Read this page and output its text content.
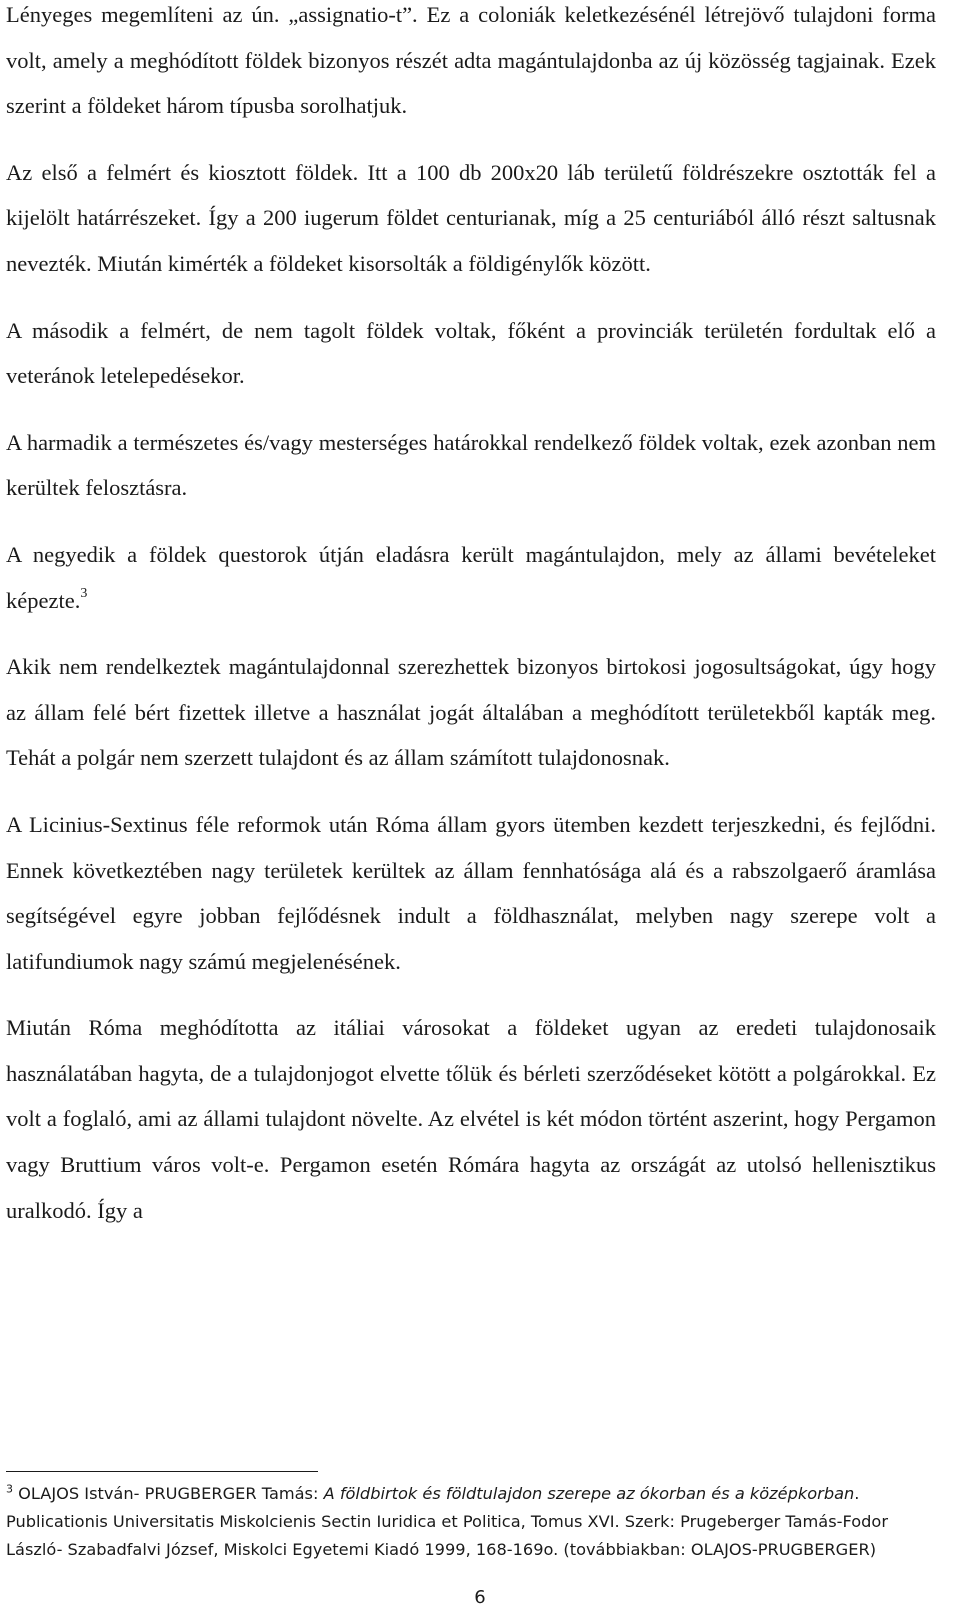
Lényeges megemlíteni az ún. „assignatio-t”. Ez a coloniák keletkezésénél létrejövő tulajdoni forma volt, amely a meghódított földek bizonyos részét adta magántulajdonba az új közösség tagjainak. Ezek szerint a földeket három típusba sorolhatjuk.

Az első a felmért és kiosztott földek. Itt a 100 db 200x20 láb területű földrészekre osztották fel a kijelölt határrészeket. Így a 200 iugerum földet centurianak, míg a 25 centuriából álló részt saltusnak nevezték. Miután kimérték a földeket kisorsolták a földigénylők között.

A második a felmért, de nem tagolt földek voltak, főként a provinciák területén fordultak elő a veteránok letelepedésekor.

A harmadik a természetes és/vagy mesterséges határokkal rendelkező földek voltak, ezek azonban nem kerültek felosztásra.

A negyedik a földek questorok útján eladásra került magántulajdon, mely az állami bevételeket képezte.$^3$

Akik nem rendelkeztek magántulajdonnal szerezhettek bizonyos birtokosi jogosultságokat, úgy hogy az állam felé bért fizettek illetve a használat jogát általában a meghódított területekből kapták meg. Tehát a polgár nem szerzett tulajdont és az állam számított tulajdonosnak.

A Licinius-Sextinus féle reformok után Róma állam gyors ütemben kezdett terjeszkedni, és fejlődni. Ennek következtében nagy területek kerültek az állam fennhatósága alá és a rabszolgaerő áramlása segítségével egyre jobban fejlődésnek indult a földhasználat, melyben nagy szerepe volt a latifundiumok nagy számú megjelenésének.

Miután Róma meghódította az itáliai városokat a földeket ugyan az eredeti tulajdonosaik használatában hagyta, de a tulajdonjogot elvette tőlük és bérleti szerződéseket kötött a polgárokkal. Ez volt a foglaló, ami az állami tulajdont növelte. Az elvétel is két módon történt aszerint, hogy Pergamon vagy Bruttium város volt-e. Pergamon esetén Rómára hagyta az országát az utolsó hellenisztikus uralkodó. Így a

$^3$ OLAJOS István- PRUGBERGER Tamás: A földbirtok és földtulajdon szerepe az ókorban és a középkorban. Publicationis Universitatis Miskolcienis Sectin Iuridica et Politica, Tomus XVI. Szerk: Prugeberger Tamás-Fodor László- Szabadfalvi József, Miskolci Egyetemi Kiadó 1999, 168-169o. (továbbiakban: OLAJOS-PRUGBERGER)
6
